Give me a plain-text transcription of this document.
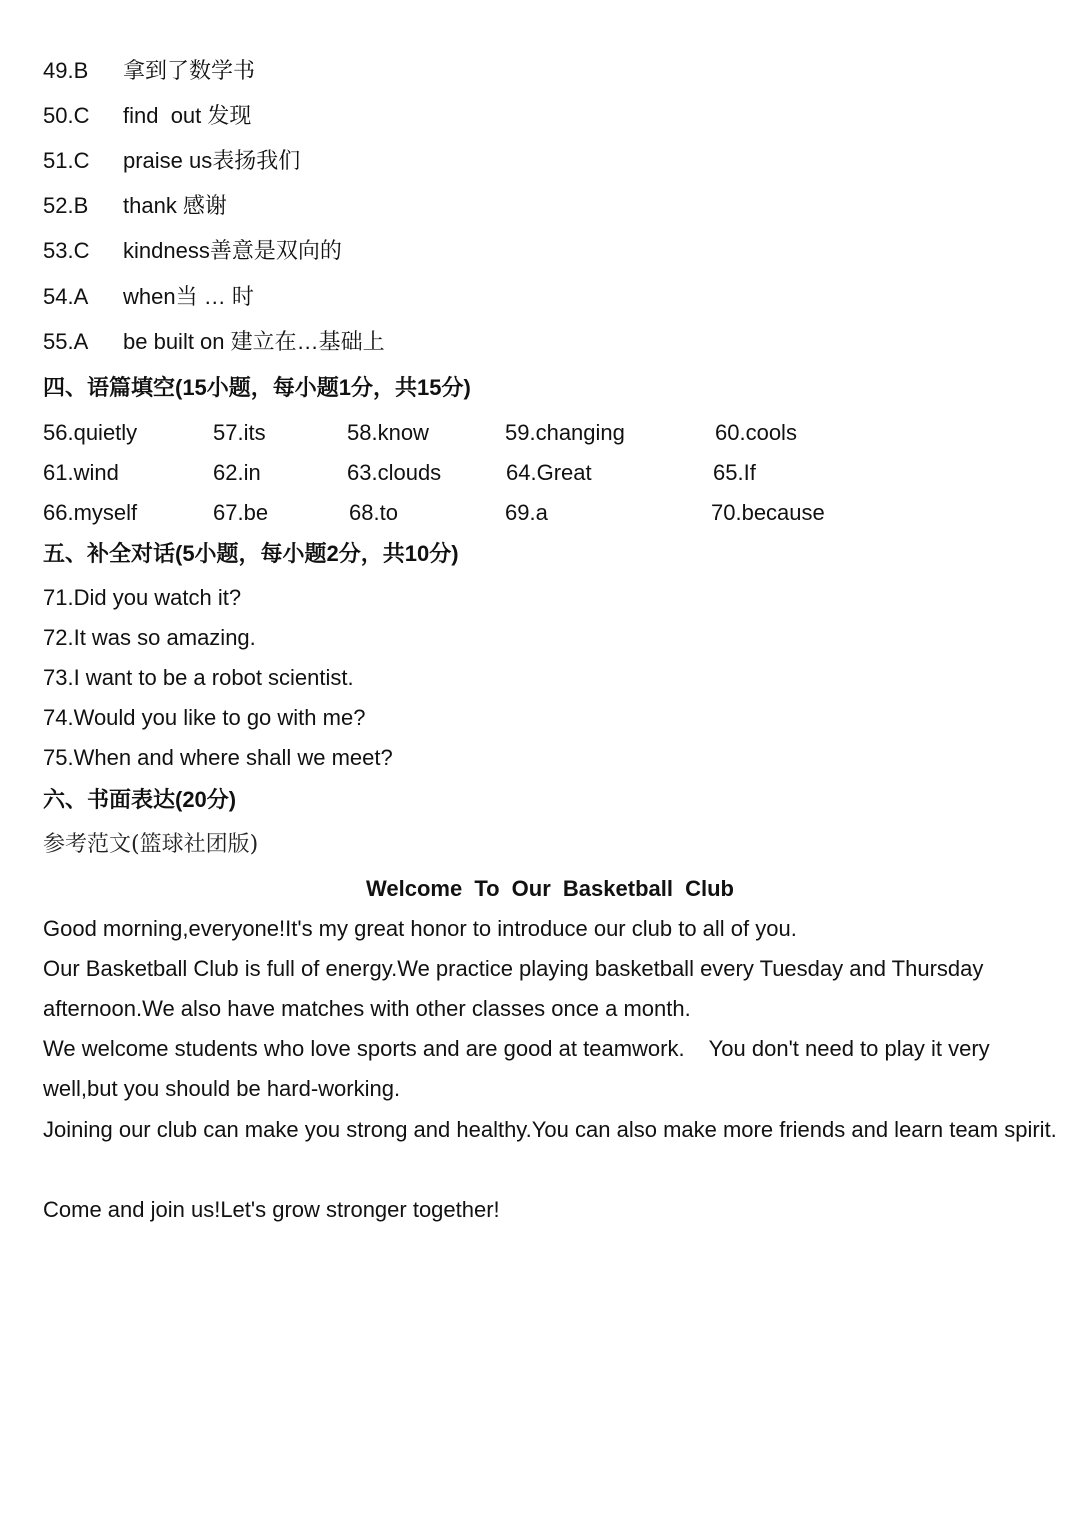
49.B 拿到了数学书
50.C find  out 发现
51.C praise us表扬我们
52.B thank 感谢
53.C kindness善意是双向的
54.A when当 … 时
55.A be built on 建立在…基础上
四、语篇填空(15小题，每小题1分，共15分)
56.quietly	57.its	58.know	59.changing	60.cools
61.wind	62.in	63.clouds	64.Great	65.If
66.myself	67.be	68.to	69.a	70.because
五、补全对话(5小题，每小题2分，共10分)
71.Did you watch it?
72.It was so amazing.
73.I want to be a robot scientist.
74.Would you like to go with me?
75.When and where shall we meet?
六、书面表达(20分)
参考范文(篮球社团版)
Welcome To Our Basketball Club
Good morning,everyone!It's my great honor to introduce our club to all of you.
Our Basketball Club is full of energy.We practice playing basketball every Tuesday and Thursday afternoon.We also have matches with other classes once a month.
We welcome students who love sports and are good at teamwork.    You don't need to play it very well,but you should be hard-working.
Joining our club can make you strong and healthy.You can also make more friends and learn team spirit.
Come and join us!Let's grow stronger together!
